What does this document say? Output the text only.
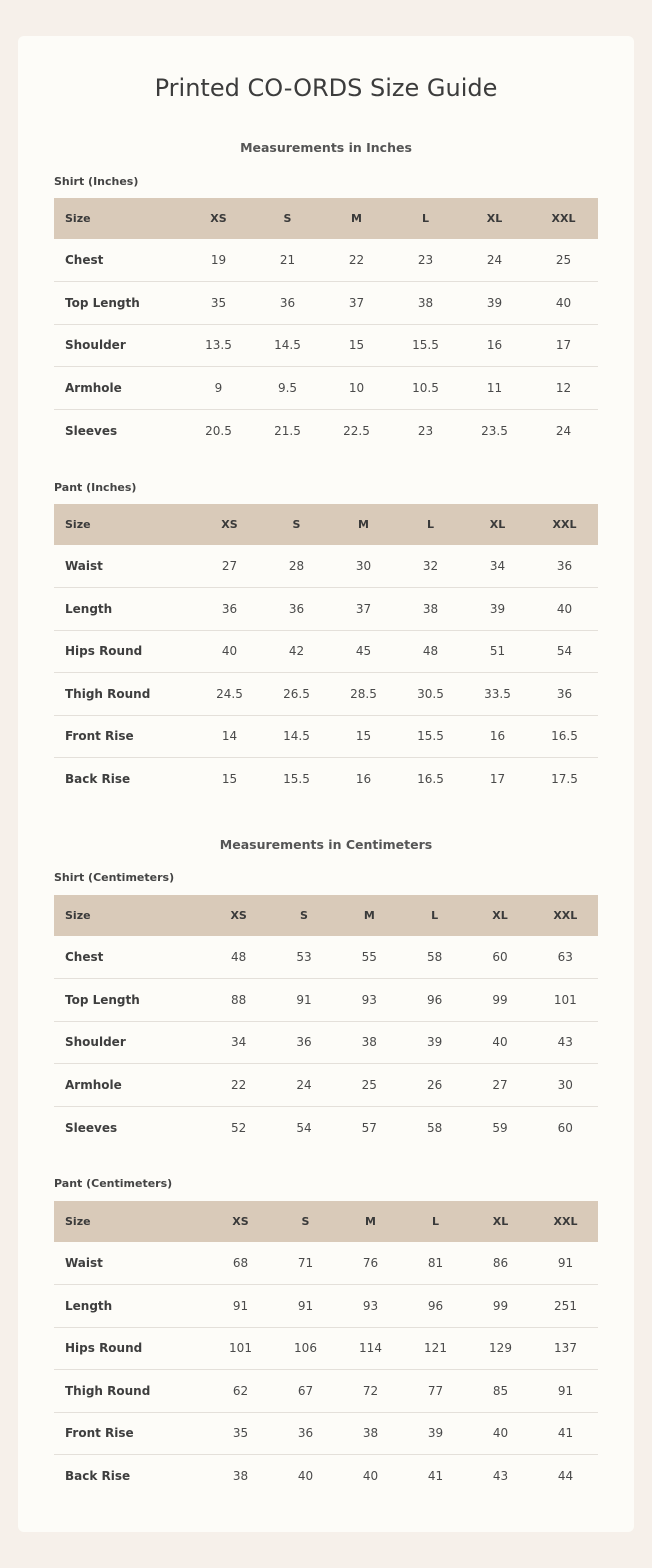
Printed CO-ORDS Size Guide
Measurements in Inches
Shirt (Inches)
Size	XS	S	M	L	XL	XXL
Chest	19	21	22	23	24	25
Top Length	35	36	37	38	39	40
Shoulder	13.5	14.5	15	15.5	16	17
Armhole	9	9.5	10	10.5	11	12
Sleeves	20.5	21.5	22.5	23	23.5	24
Pant (Inches)
Size	XS	S	M	L	XL	XXL
Waist	27	28	30	32	34	36
Length	36	36	37	38	39	40
Hips Round	40	42	45	48	51	54
Thigh Round	24.5	26.5	28.5	30.5	33.5	36
Front Rise	14	14.5	15	15.5	16	16.5
Back Rise	15	15.5	16	16.5	17	17.5
Measurements in Centimeters
Shirt (Centimeters)
Size	XS	S	M	L	XL	XXL
Chest	48	53	55	58	60	63
Top Length	88	91	93	96	99	101
Shoulder	34	36	38	39	40	43
Armhole	22	24	25	26	27	30
Sleeves	52	54	57	58	59	60
Pant (Centimeters)
Size	XS	S	M	L	XL	XXL
Waist	68	71	76	81	86	91
Length	91	91	93	96	99	251
Hips Round	101	106	114	121	129	137
Thigh Round	62	67	72	77	85	91
Front Rise	35	36	38	39	40	41
Back Rise	38	40	40	41	43	44
